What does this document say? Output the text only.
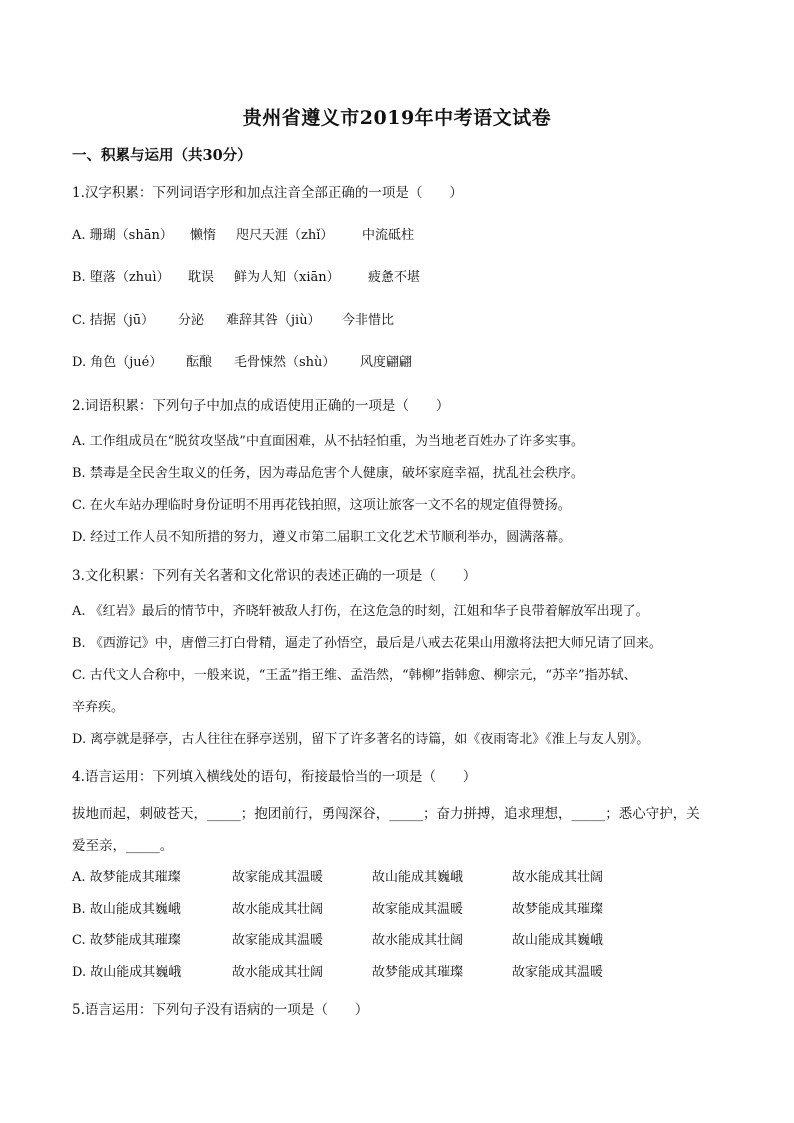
贵州省遵义市2019年中考语文试卷
一、积累与运用（共30分）
1.汉字积累：下列词语字形和加点注音全部正确的一项是（　　）
A. 珊瑚（shān） 懒惰 咫尺天涯（zhǐ） 中流砥柱
B. 堕落（zhuì） 耽误 鲜为人知（xiān） 疲惫不堪
C. 拮据（jū） 分泌 难辞其咎（jiù） 今非惜比
D. 角色（jué） 酝酿 毛骨悚然（shù） 风度翩翩
2.词语积累：下列句子中加点的成语使用正确的一项是（　　）
A. 工作组成员在“脱贫攻坚战”中直面困难，从不拈轻怕重，为当地老百姓办了许多实事。
B. 禁毒是全民舍生取义的任务，因为毒品危害个人健康，破坏家庭幸福，扰乱社会秩序。
C. 在火车站办理临时身份证明不用再花钱拍照，这项让旅客一文不名的规定值得赞扬。
D. 经过工作人员不知所措的努力，遵义市第二届职工文化艺术节顺利举办，圆满落幕。
3.文化积累：下列有关名著和文化常识的表述正确的一项是（　　）
A. 《红岩》最后的情节中，齐晓轩被敌人打伤，在这危急的时刻，江姐和华子良带着解放军出现了。
B. 《西游记》中，唐僧三打白骨精，逼走了孙悟空，最后是八戒去花果山用激将法把大师兄请了回来。
C. 古代文人合称中，一般来说，“王孟”指王维、孟浩然，“韩柳”指韩愈、柳宗元，“苏辛”指苏轼、
辛弃疾。
D. 离亭就是驿亭，古人往往在驿亭送别，留下了许多著名的诗篇，如《夜雨寄北》《淮上与友人别》。
4.语言运用：下列填入横线处的语句，衔接最恰当的一项是（　　）
拔地而起，刺破苍天，_____；抱团前行，勇闯深谷，_____；奋力拼搏，追求理想，_____；悉心守护，关
爱至亲，_____。
A. 故梦能成其璀璨	故家能成其温暖	故山能成其巍峨	故水能成其壮阔
B. 故山能成其巍峨	故水能成其壮阔	故家能成其温暖	故梦能成其璀璨
C. 故梦能成其璀璨	故家能成其温暖	故水能成其壮阔	故山能成其巍峨
D. 故山能成其巍峨	故水能成其壮阔	故梦能成其璀璨	故家能成其温暖
5.语言运用：下列句子没有语病的一项是（　　）
